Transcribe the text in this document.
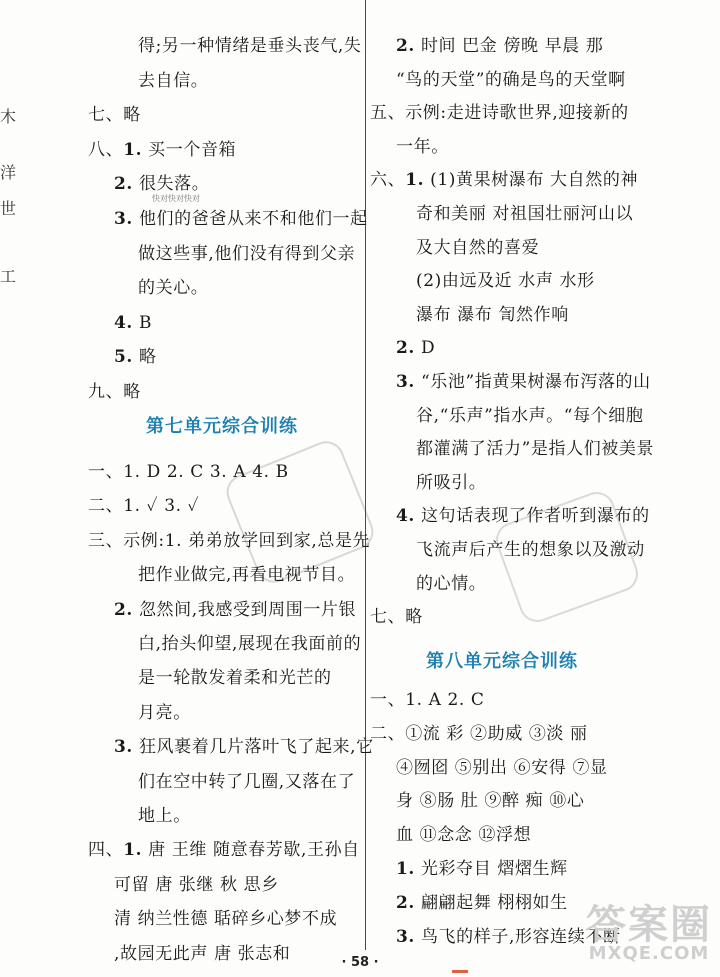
木
洋
世
工
得;另一种情绪是垂头丧气,失
去自信。
七、略
八、1. 买一个音箱
2. 很失落。
3. 他们的爸爸从来不和他们一起
做这些事,他们没有得到父亲
的关心。
4. B
5. 略
九、略
第七单元综合训练
一、1. D 2. C 3. A 4. B
二、1. ✓ 3. ✓
三、示例:1. 弟弟放学回到家,总是先
把作业做完,再看电视节目。
2. 忽然间,我感受到周围一片银
白,抬头仰望,展现在我面前的
是一轮散发着柔和光芒的
月亮。
3. 狂风裹着几片落叶飞了起来,它
们在空中转了几圈,又落在了
地上。
四、1. 唐 王维 随意春芳歇,王孙自
可留 唐 张继 秋 思乡
清 纳兰性德 聒碎乡心梦不成
,故园无此声 唐 张志和
快对快对快对
2. 时间 巴金 傍晚 早晨 那
“鸟的天堂”的确是鸟的天堂啊
五、示例:走进诗歌世界,迎接新的
一年。
六、1. (1)黄果树瀑布 大自然的神
奇和美丽 对祖国壮丽河山以
及大自然的喜爱
(2)由远及近 水声 水形
瀑布 瀑布 訇然作响
2. D
3. “乐池”指黄果树瀑布泻落的山
谷,“乐声”指水声。“每个细胞
都灌满了活力”是指人们被美景
所吸引。
4. 这句话表现了作者听到瀑布的
飞流声后产生的想象以及激动
的心情。
七、略
第八单元综合训练
一、1. A 2. C
二、①流 彩 ②助威 ③淡 丽
④囫囵 ⑤别出 ⑥安得 ⑦显
身 ⑧肠 肚 ⑨醉 痴 ⑩心
血 ⑪念念 ⑫浮想
1. 光彩夺目 熠熠生辉
2. 翩翩起舞 栩栩如生
3. 鸟飞的样子,形容连续不断
答案圈
MXQE.COM
· 58 ·
